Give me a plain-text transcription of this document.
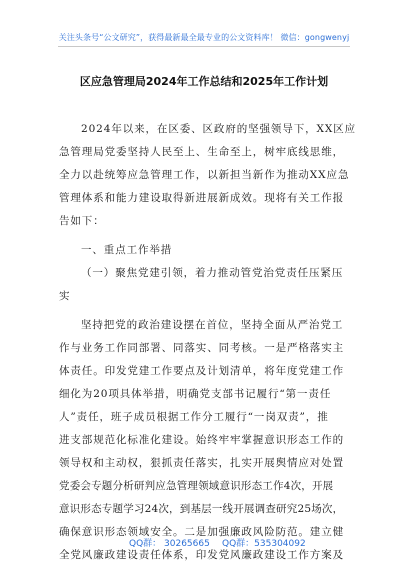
关注头条号“公文研究”，获得最新最全最专业的公文资料库！ 微信：gongwenyj
区应急管理局2024年工作总结和2025年工作计划
2024年以来，在区委、区政府的坚强领导下，XX区应
急管理局党委坚持人民至上、生命至上，树牢底线思维，
全力以赴统筹应急管理工作，以新担当新作为推动XX应急
管理体系和能力建设取得新进展新成效。现将有关工作报
告如下：
一、重点工作举措
（一）聚焦党建引领，着力推动管党治党责任压紧压
实
坚持把党的政治建设摆在首位，坚持全面从严治党工
作与业务工作同部署、同落实、同考核。一是严格落实主
体责任。印发党建工作要点及计划清单，将年度党建工作
细化为20项具体举措，明确党支部书记履行“第一责任
人”责任，班子成员根据工作分工履行“一岗双责”，推
进支部规范化标准化建设。始终牢牢掌握意识形态工作的
领导权和主动权，狠抓责任落实，扎实开展舆情应对处置
党委会专题分析研判应急管理领域意识形态工作4次，开展
意识形态专题学习24次，到基层一线开展调查研究25场次，
确保意识形态领域安全。二是加强廉政风险防范。建立健
全党风廉政建设责任体系，印发党风廉政建设工作方案及
QQ群： 30265665 QQ群：535304092
